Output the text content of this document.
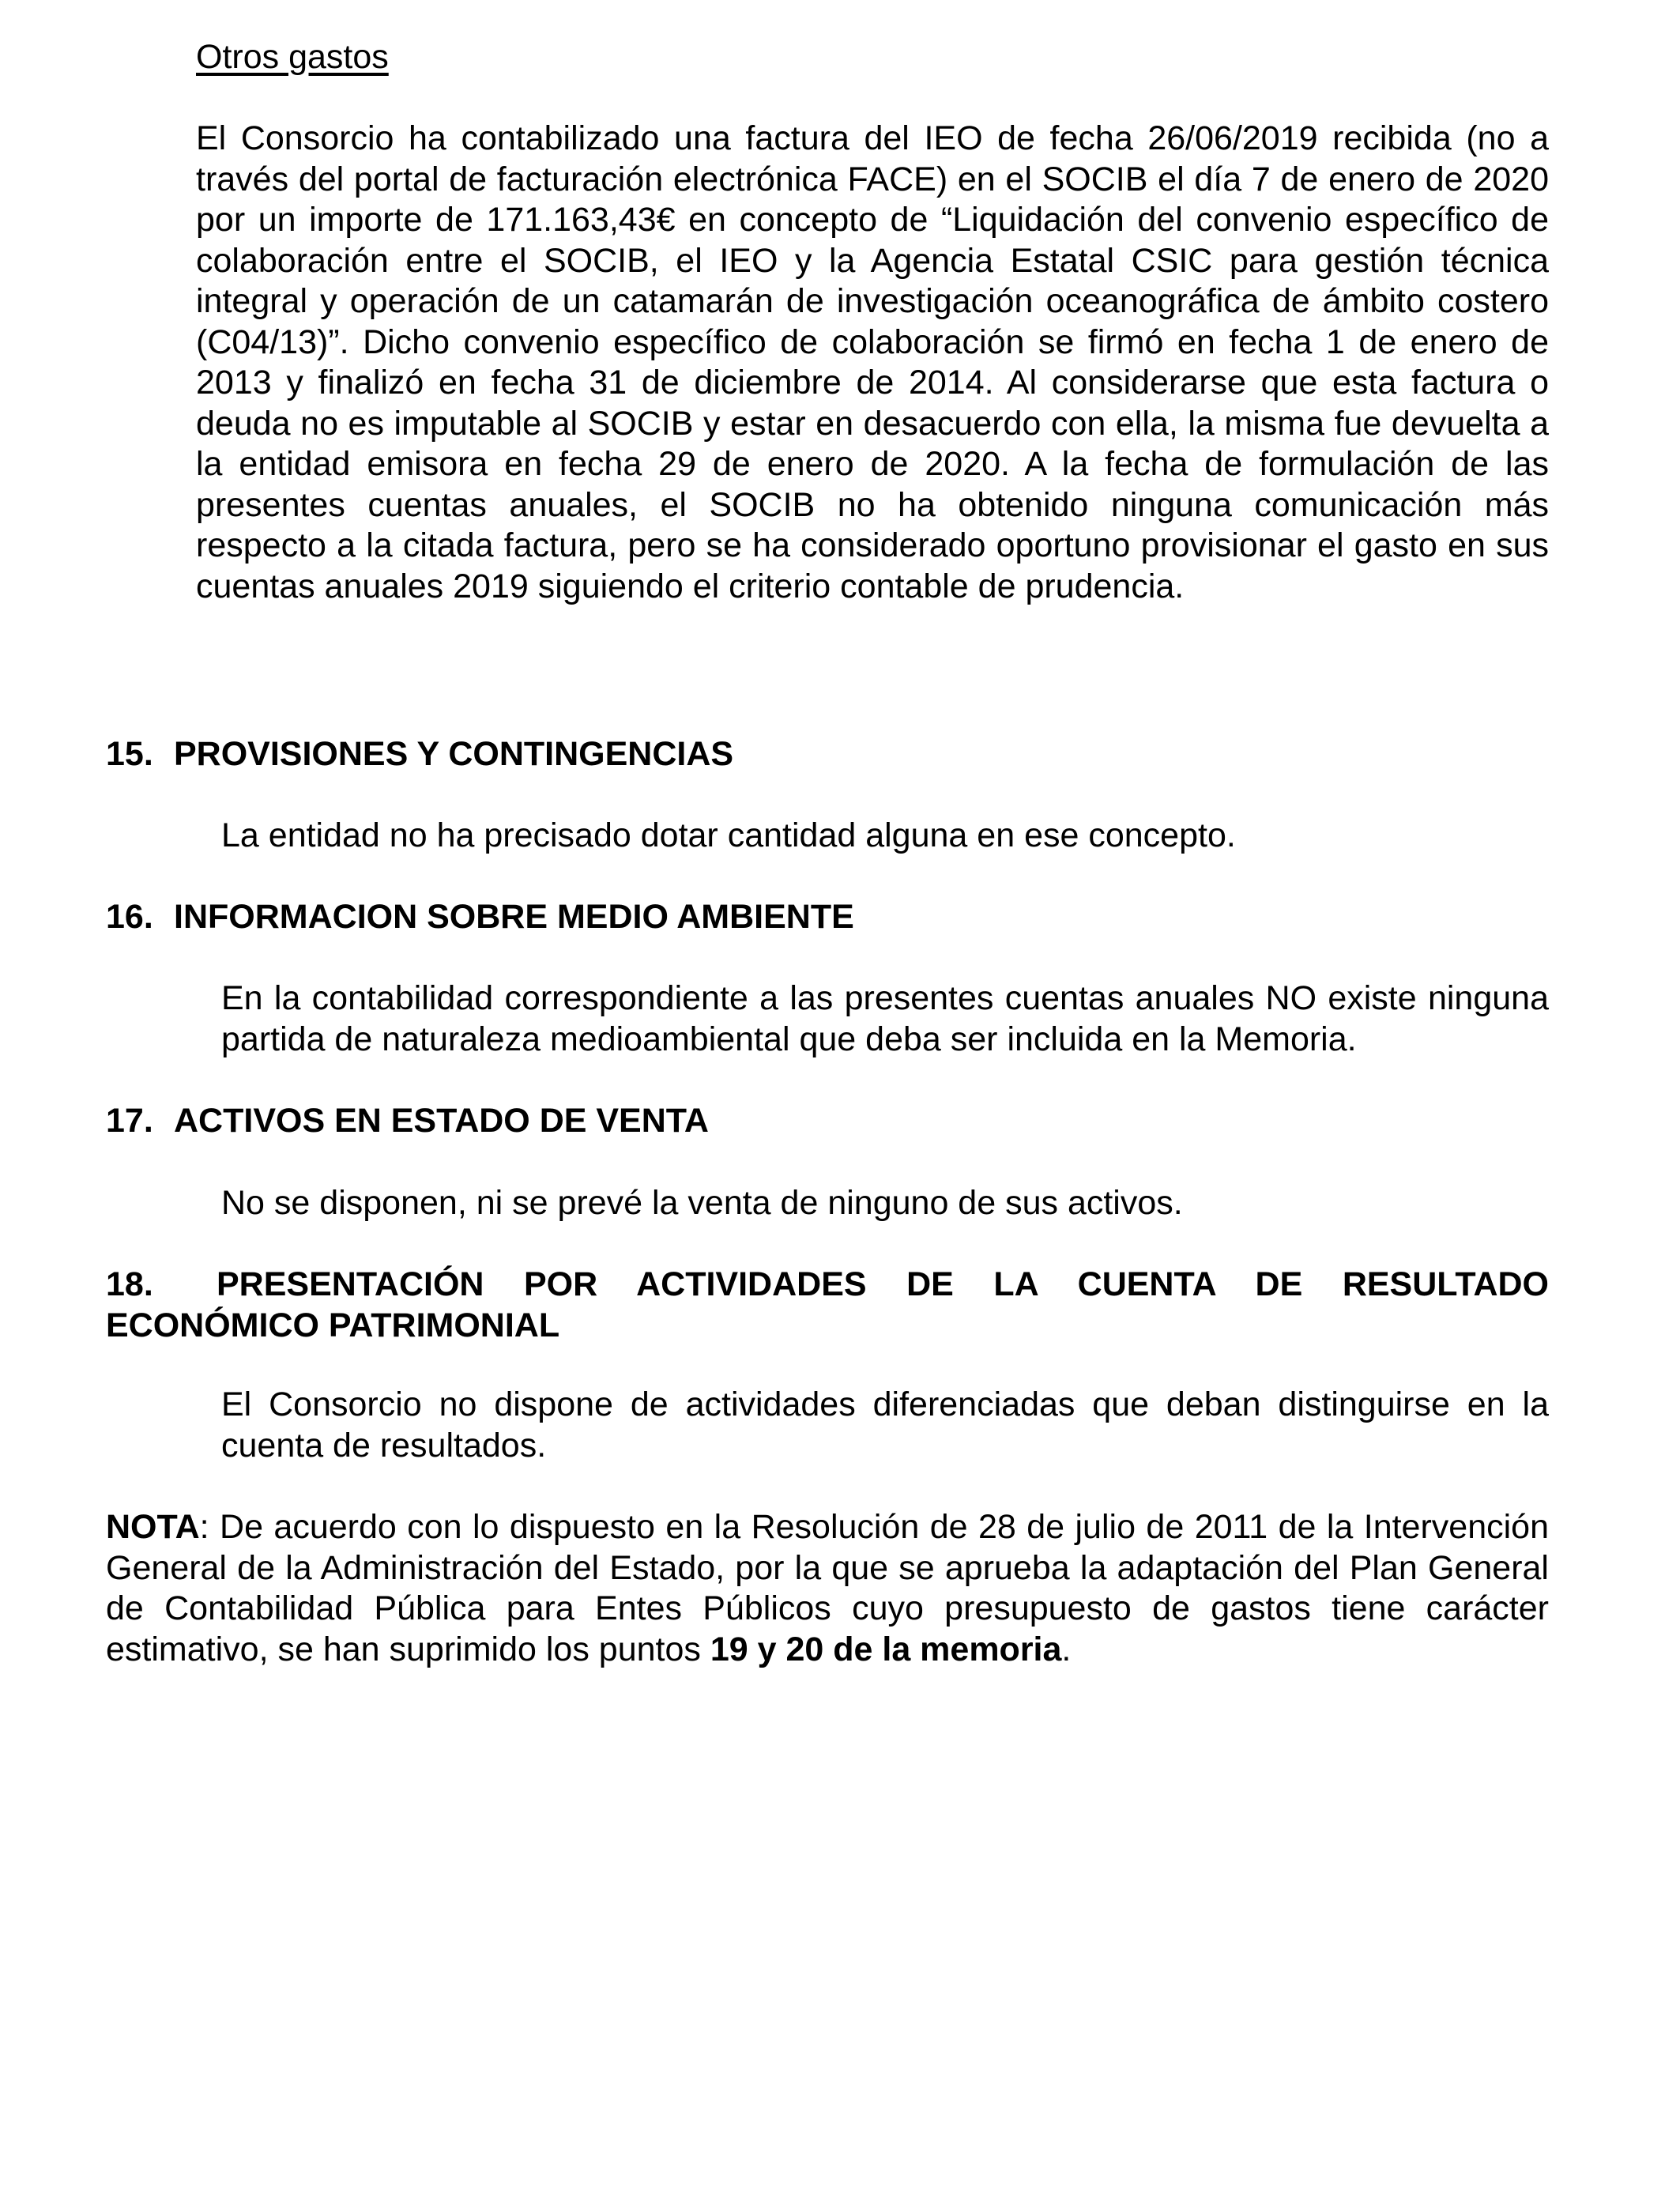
Otros gastos

El Consorcio ha contabilizado una factura del IEO de fecha 26/06/2019 recibida (no a través del portal de facturación electrónica FACE) en el SOCIB el día 7 de enero de 2020 por un importe de 171.163,43€ en concepto de “Liquidación del convenio específico de colaboración entre el SOCIB, el IEO y la Agencia Estatal CSIC para gestión técnica integral y operación de un catamarán de investigación oceanográfica de ámbito costero (C04/13)”. Dicho convenio específico de colaboración se firmó en fecha 1 de enero de 2013 y finalizó en fecha 31 de diciembre de 2014. Al considerarse que esta factura o deuda no es imputable al SOCIB y estar en desacuerdo con ella, la misma fue devuelta a la entidad emisora en fecha 29 de enero de 2020. A la fecha de formulación de las presentes cuentas anuales, el SOCIB no ha obtenido ninguna comunicación más respecto a la citada factura, pero se ha considerado oportuno provisionar el gasto en sus cuentas anuales 2019 siguiendo el criterio contable de prudencia.

15. PROVISIONES Y CONTINGENCIAS

La entidad no ha precisado dotar cantidad alguna en ese concepto.

16. INFORMACION SOBRE MEDIO AMBIENTE

En la contabilidad correspondiente a las presentes cuentas anuales NO existe ninguna partida de naturaleza medioambiental que deba ser incluida en la Memoria.

17. ACTIVOS EN ESTADO DE VENTA

No se disponen, ni se prevé la venta de ninguno de sus activos.

18. PRESENTACIÓN POR ACTIVIDADES DE LA CUENTA DE RESULTADO ECONÓMICO PATRIMONIAL

El Consorcio no dispone de actividades diferenciadas que deban distinguirse en la cuenta de resultados.

NOTA: De acuerdo con lo dispuesto en la Resolución de 28 de julio de 2011 de la Intervención General de la Administración del Estado, por la que se aprueba la adaptación del Plan General de Contabilidad Pública para Entes Públicos cuyo presupuesto de gastos tiene carácter estimativo, se han suprimido los puntos 19 y 20 de la memoria.
